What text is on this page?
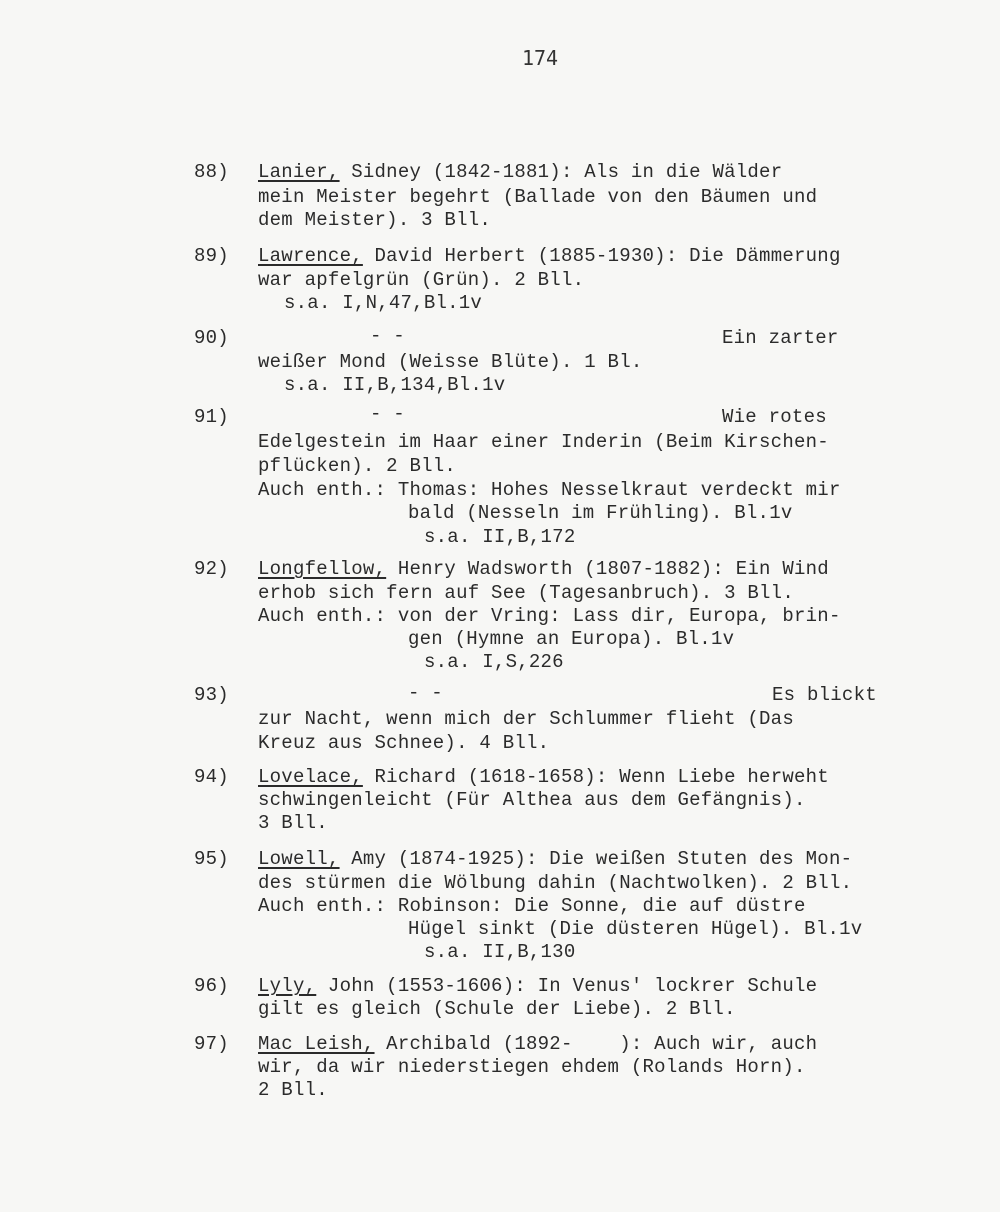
174
88) Lanier, Sidney (1842-1881): Als in die Wälder
mein Meister begehrt (Ballade von den Bäumen und
dem Meister). 3 Bll.
89) Lawrence, David Herbert (1885-1930): Die Dämmerung
war apfelgrün (Grün). 2 Bll.
s.a. I,N,47,Bl.1v
90)	- -	Ein zarter
weißer Mond (Weisse Blüte). 1 Bl.
s.a. II,B,134,Bl.1v
91)	- -	Wie rotes
Edelgestein im Haar einer Inderin (Beim Kirschen-
pflücken). 2 Bll.
Auch enth.: Thomas: Hohes Nesselkraut verdeckt mir
bald (Nesseln im Frühling). Bl.1v
s.a. II,B,172
92) Longfellow, Henry Wadsworth (1807-1882): Ein Wind
erhob sich fern auf See (Tagesanbruch). 3 Bll.
Auch enth.: von der Vring: Lass dir, Europa, brin-
gen (Hymne an Europa). Bl.1v
s.a. I,S,226
93)	- -	Es blickt
zur Nacht, wenn mich der Schlummer flieht (Das
Kreuz aus Schnee). 4 Bll.
94) Lovelace, Richard (1618-1658): Wenn Liebe herweht
schwingenleicht (Für Althea aus dem Gefängnis).
3 Bll.
95) Lowell, Amy (1874-1925): Die weißen Stuten des Mon-
des stürmen die Wölbung dahin (Nachtwolken). 2 Bll.
Auch enth.: Robinson: Die Sonne, die auf düstre
Hügel sinkt (Die düsteren Hügel). Bl.1v
s.a. II,B,130
96) Lyly, John (1553-1606): In Venus' lockrer Schule
gilt es gleich (Schule der Liebe). 2 Bll.
97) Mac Leish, Archibald (1892-    ): Auch wir, auch
wir, da wir niederstiegen ehdem (Rolands Horn).
2 Bll.
